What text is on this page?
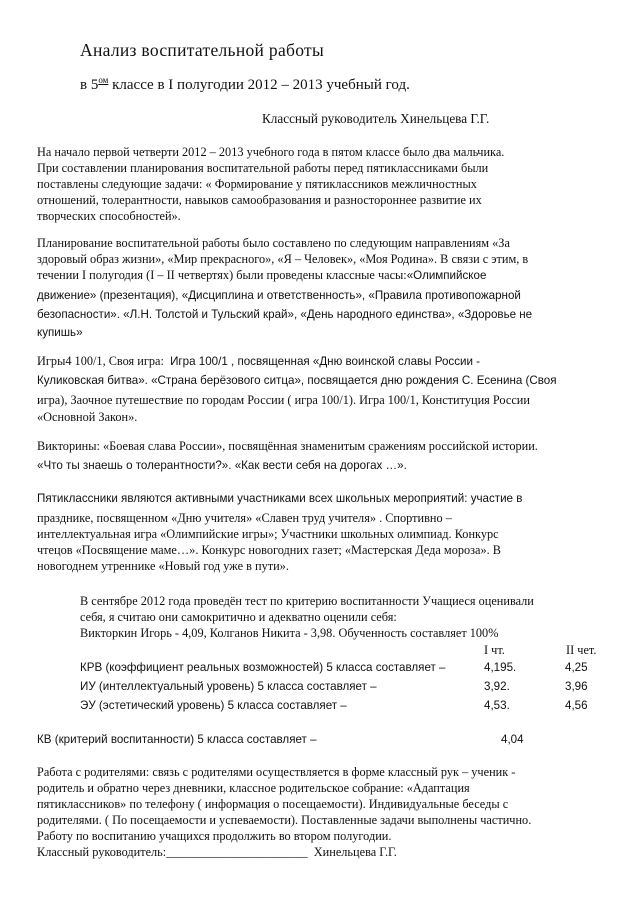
Анализ воспитательной работы
в $5^{ом}$ классе в I полугодии 2012 – 2013 учебный год.
Классный руководитель Хинельцева Г.Г.
На начало первой четверти 2012 – 2013 учебного года в пятом классе было два мальчика.
При составлении планирования воспитательной работы перед пятиклассниками были
поставлены следующие задачи: « Формирование у пятиклассников межличностных
отношений, толерантности, навыков самообразования и разностороннее развитие их
творческих способностей».
Планирование воспитательной работы было составлено по следующим направлениям «За
здоровый образ жизни», «Мир прекрасного», «Я – Человек», «Моя Родина». В связи с этим, в
течении I полугодия (I – II четвертях) были проведены классные часы:«Олимпийское
движение» (презентация), «Дисциплина и ответственность», «Правила противопожарной
безопасности». «Л.Н. Толстой и Тульский край», «День народного единства», «Здоровье не
купишь»
Игры4 100/1, Своя игра: Игра 100/1 , посвященная «Дню воинской славы России -
Куликовская битва». «Страна берёзового ситца», посвящается дню рождения С. Есенина (Своя
игра), Заочное путешествие по городам России ( игра 100/1). Игра 100/1, Конституция России
«Основной Закон».
Викторины: «Боевая слава России», посвящённая знаменитым сражениям российской истории.
«Что ты знаешь о толерантности?». «Как вести себя на дорогах …».
Пятиклассники являются активными участниками всех школьных мероприятий: участие в
празднике, посвященном «Дню учителя» «Славен труд учителя» . Спортивно –
интеллектуальная игра «Олимпийские игры»; Участники школьных олимпиад. Конкурс
чтецов «Посвящение маме…». Конкурс новогодних газет; «Мастерская Деда мороза». В
новогоднем утреннике «Новый год уже в пути».
В сентябре 2012 года проведён тест по критерию воспитанности Учащиеся оценивали
себя, я считаю они самокритично и адекватно оценили себя:
Викторкин Игорь - 4,09, Колганов Никита - 3,98. Обученность составляет 100%
I чт.	II чет.
КРВ (коэффициент реальных возможностей) 5 класса составляет –	4,195.	4,25
ИУ (интеллектуальный уровень) 5 класса составляет –	3,92.	3,96
ЭУ (эстетический уровень) 5 класса составляет –	4,53.	4,56
КВ (критерий воспитанности) 5 класса составляет –	4,04
Работа с родителями: связь с родителями осуществляется в форме классный рук – ученик -
родитель и обратно через дневники, классное родительское собрание: «Адаптация
пятиклассников» по телефону ( информация о посещаемости). Индивидуальные беседы с
родителями. ( По посещаемости и успеваемости). Поставленные задачи выполнены частично.
Работу по воспитанию учащихся продолжить во втором полугодии.
Классный руководитель:_______________________ Хинельцева Г.Г.
